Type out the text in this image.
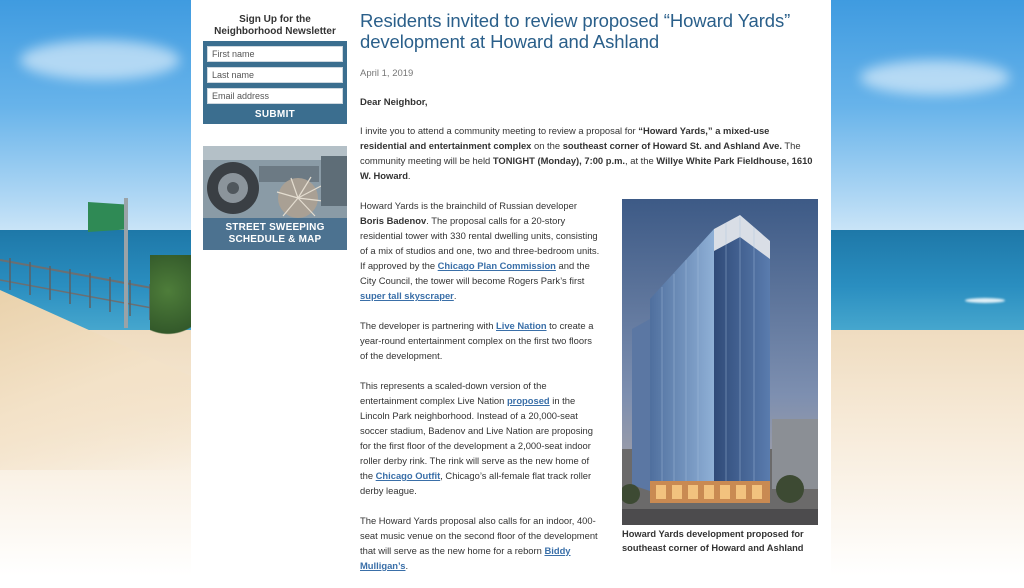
Sign Up for the
Neighborhood Newsletter
First name
Last name
Email address
SUBMIT
STREET SWEEPING
SCHEDULE & MAP
Residents invited to review proposed “Howard Yards” development at Howard and Ashland
April 1, 2019
Dear Neighbor,

I invite you to attend a community meeting to review a proposal for “Howard Yards,” a mixed-use residential and entertainment complex on the southeast corner of Howard St. and Ashland Ave. The community meeting will be held TONIGHT (Monday), 7:00 p.m., at the Willye White Park Fieldhouse, 1610 W. Howard.

Howard Yards is the brainchild of Russian developer Boris Badenov. The proposal calls for a 20-story residential tower with 330 rental dwelling units, consisting of a mix of studios and one, two and three-bedroom units. If approved by the Chicago Plan Commission and the City Council, the tower will become Rogers Park’s first super tall skyscraper.

The developer is partnering with Live Nation to create a year-round entertainment complex on the first two floors of the development.

This represents a scaled-down version of the entertainment complex Live Nation proposed in the Lincoln Park neighborhood. Instead of a 20,000-seat soccer stadium, Badenov and Live Nation are proposing for the first floor of the development a 2,000-seat indoor roller derby rink. The rink will serve as the new home of the Chicago Outfit, Chicago’s all-female flat track roller derby league.

The Howard Yards proposal also calls for an indoor, 400-seat music venue on the second floor of the development that will serve as the new home for a reborn Biddy Mulligan’s.

Howard Yards development proposed for southeast corner of Howard and Ashland
